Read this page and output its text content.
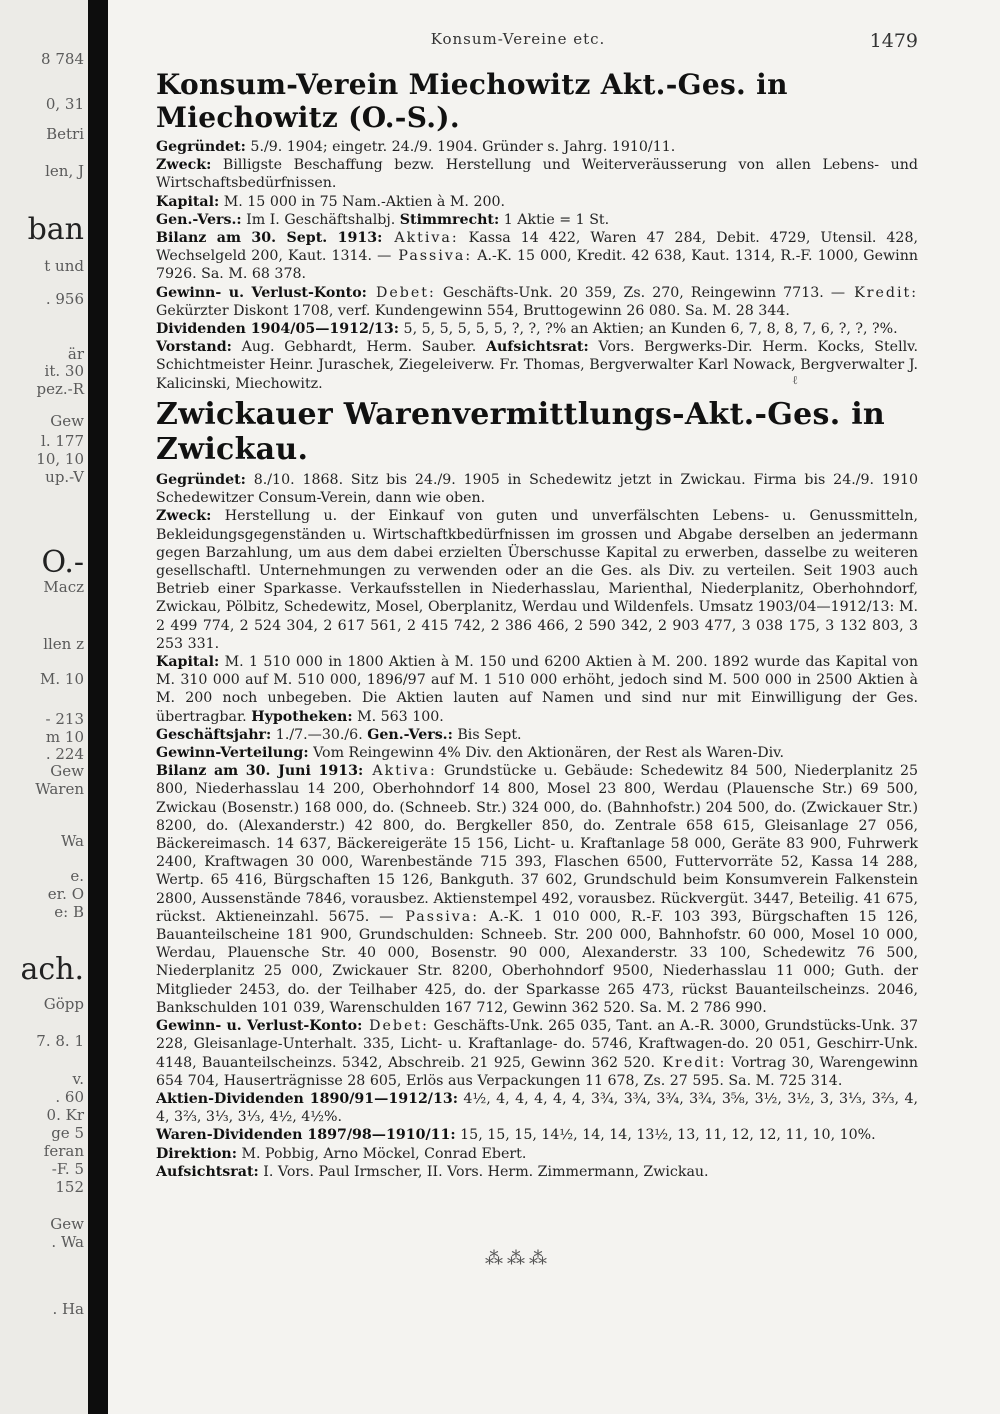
8 784
0, 31
Betri
len, J
ban
t und
. 956
är
it. 30
pez.-R
Gew
l. 177
10, 10
up.-V
O.-
Macz
llen z
M. 10
- 213
m 10
. 224
Gew
Waren
Wa
e.
er. O
e: B
ach.
Göpp
7. 8. 1
v.
. 60
0. Kr
ge 5
feran
-F. 5
152
Gew
. Wa
. Ha
Konsum-Vereine etc.	1479
Konsum-Verein Miechowitz Akt.-Ges. in Miechowitz (O.-S.).

Gegründet: 5./9. 1904; eingetr. 24./9. 1904. Gründer s. Jahrg. 1910/11.

Zweck: Billigste Beschaffung bezw. Herstellung und Weiterveräusserung von allen Lebens- und Wirtschaftsbedürfnissen.

Kapital: M. 15 000 in 75 Nam.-Aktien à M. 200.

Gen.-Vers.: Im I. Geschäftshalbj. Stimmrecht: 1 Aktie = 1 St.

Bilanz am 30. Sept. 1913: Aktiva: Kassa 14 422, Waren 47 284, Debit. 4729, Utensil. 428, Wechselgeld 200, Kaut. 1314. — Passiva: A.-K. 15 000, Kredit. 42 638, Kaut. 1314, R.-F. 1000, Gewinn 7926. Sa. M. 68 378.

Gewinn- u. Verlust-Konto: Debet: Geschäfts-Unk. 20 359, Zs. 270, Reingewinn 7713. — Kredit: Gekürzter Diskont 1708, verf. Kundengewinn 554, Bruttogewinn 26 080. Sa. M. 28 344.

Dividenden 1904/05—1912/13: 5, 5, 5, 5, 5, 5, ?, ?, ?% an Aktien; an Kunden 6, 7, 8, 8, 7, 6, ?, ?, ?%.

Vorstand: Aug. Gebhardt, Herm. Sauber. Aufsichtsrat: Vors. Bergwerks-Dir. Herm. Kocks, Stellv. Schichtmeister Heinr. Juraschek, Ziegeleiverw. Fr. Thomas, Bergverwalter Karl Nowack, Bergverwalter J. Kalicinski, Miechowitz.	ℓ
Zwickauer Warenvermittlungs-Akt.-Ges. in Zwickau.

Gegründet: 8./10. 1868. Sitz bis 24./9. 1905 in Schedewitz jetzt in Zwickau. Firma bis 24./9. 1910 Schedewitzer Consum-Verein, dann wie oben.

Zweck: Herstellung u. der Einkauf von guten und unverfälschten Lebens- u. Genussmitteln, Bekleidungsgegenständen u. Wirtschaftkbedürfnissen im grossen und Abgabe derselben an jedermann gegen Barzahlung, um aus dem dabei erzielten Überschusse Kapital zu erwerben, dasselbe zu weiteren gesellschaftl. Unternehmungen zu verwenden oder an die Ges. als Div. zu verteilen. Seit 1903 auch Betrieb einer Sparkasse. Verkaufsstellen in Niederhasslau, Marienthal, Niederplanitz, Oberhohndorf, Zwickau, Pölbitz, Schedewitz, Mosel, Oberplanitz, Werdau und Wildenfels. Umsatz 1903/04—1912/13: M. 2 499 774, 2 524 304, 2 617 561, 2 415 742, 2 386 466, 2 590 342, 2 903 477, 3 038 175, 3 132 803, 3 253 331.

Kapital: M. 1 510 000 in 1800 Aktien à M. 150 und 6200 Aktien à M. 200. 1892 wurde das Kapital von M. 310 000 auf M. 510 000, 1896/97 auf M. 1 510 000 erhöht, jedoch sind M. 500 000 in 2500 Aktien à M. 200 noch unbegeben. Die Aktien lauten auf Namen und sind nur mit Einwilligung der Ges. übertragbar. Hypotheken: M. 563 100.

Geschäftsjahr: 1./7.—30./6. Gen.-Vers.: Bis Sept.

Gewinn-Verteilung: Vom Reingewinn 4% Div. den Aktionären, der Rest als Waren-Div.

Bilanz am 30. Juni 1913: Aktiva: Grundstücke u. Gebäude: Schedewitz 84 500, Niederplanitz 25 800, Niederhasslau 14 200, Oberhohndorf 14 800, Mosel 23 800, Werdau (Plauensche Str.) 69 500, Zwickau (Bosenstr.) 168 000, do. (Schneeb. Str.) 324 000, do. (Bahnhofstr.) 204 500, do. (Zwickauer Str.) 8200, do. (Alexanderstr.) 42 800, do. Bergkeller 850, do. Zentrale 658 615, Gleisanlage 27 056, Bäckereimasch. 14 637, Bäckereigeräte 15 156, Licht- u. Kraftanlage 58 000, Geräte 83 900, Fuhrwerk 2400, Kraftwagen 30 000, Warenbestände 715 393, Flaschen 6500, Futtervorräte 52, Kassa 14 288, Wertp. 65 416, Bürgschaften 15 126, Bankguth. 37 602, Grundschuld beim Konsumverein Falkenstein 2800, Aussenstände 7846, vorausbez. Aktienstempel 492, vorausbez. Rückvergüt. 3447, Beteilig. 41 675, rückst. Aktieneinzahl. 5675. — Passiva: A.-K. 1 010 000, R.-F. 103 393, Bürgschaften 15 126, Bauanteilscheine 181 900, Grundschulden: Schneeb. Str. 200 000, Bahnhofstr. 60 000, Mosel 10 000, Werdau, Plauensche Str. 40 000, Bosenstr. 90 000, Alexanderstr. 33 100, Schedewitz 76 500, Niederplanitz 25 000, Zwickauer Str. 8200, Oberhohndorf 9500, Niederhasslau 11 000; Guth. der Mitglieder 2453, do. der Teilhaber 425, do. der Sparkasse 265 473, rückst Bauanteilscheinzs. 2046, Bankschulden 101 039, Warenschulden 167 712, Gewinn 362 520. Sa. M. 2 786 990.

Gewinn- u. Verlust-Konto: Debet: Geschäfts-Unk. 265 035, Tant. an A.-R. 3000, Grundstücks-Unk. 37 228, Gleisanlage-Unterhalt. 335, Licht- u. Kraftanlage- do. 5746, Kraftwagen-do. 20 051, Geschirr-Unk. 4148, Bauanteilscheinzs. 5342, Abschreib. 21 925, Gewinn 362 520. Kredit: Vortrag 30, Warengewinn 654 704, Hauserträgnisse 28 605, Erlös aus Verpackungen 11 678, Zs. 27 595. Sa. M. 725 314.

Aktien-Dividenden 1890/91—1912/13: 4½, 4, 4, 4, 4, 4, 3¾, 3¾, 3¾, 3¾, 3⅝, 3½, 3½, 3, 3⅓, 3⅔, 4, 4, 3⅔, 3⅓, 3⅓, 4½, 4½%.

Waren-Dividenden 1897/98—1910/11: 15, 15, 15, 14½, 14, 14, 13½, 13, 11, 12, 12, 11, 10, 10%.

Direktion: M. Pobbig, Arno Möckel, Conrad Ebert.

Aufsichtsrat: I. Vors. Paul Irmscher, II. Vors. Herm. Zimmermann, Zwickau.

⁂⁂⁂
